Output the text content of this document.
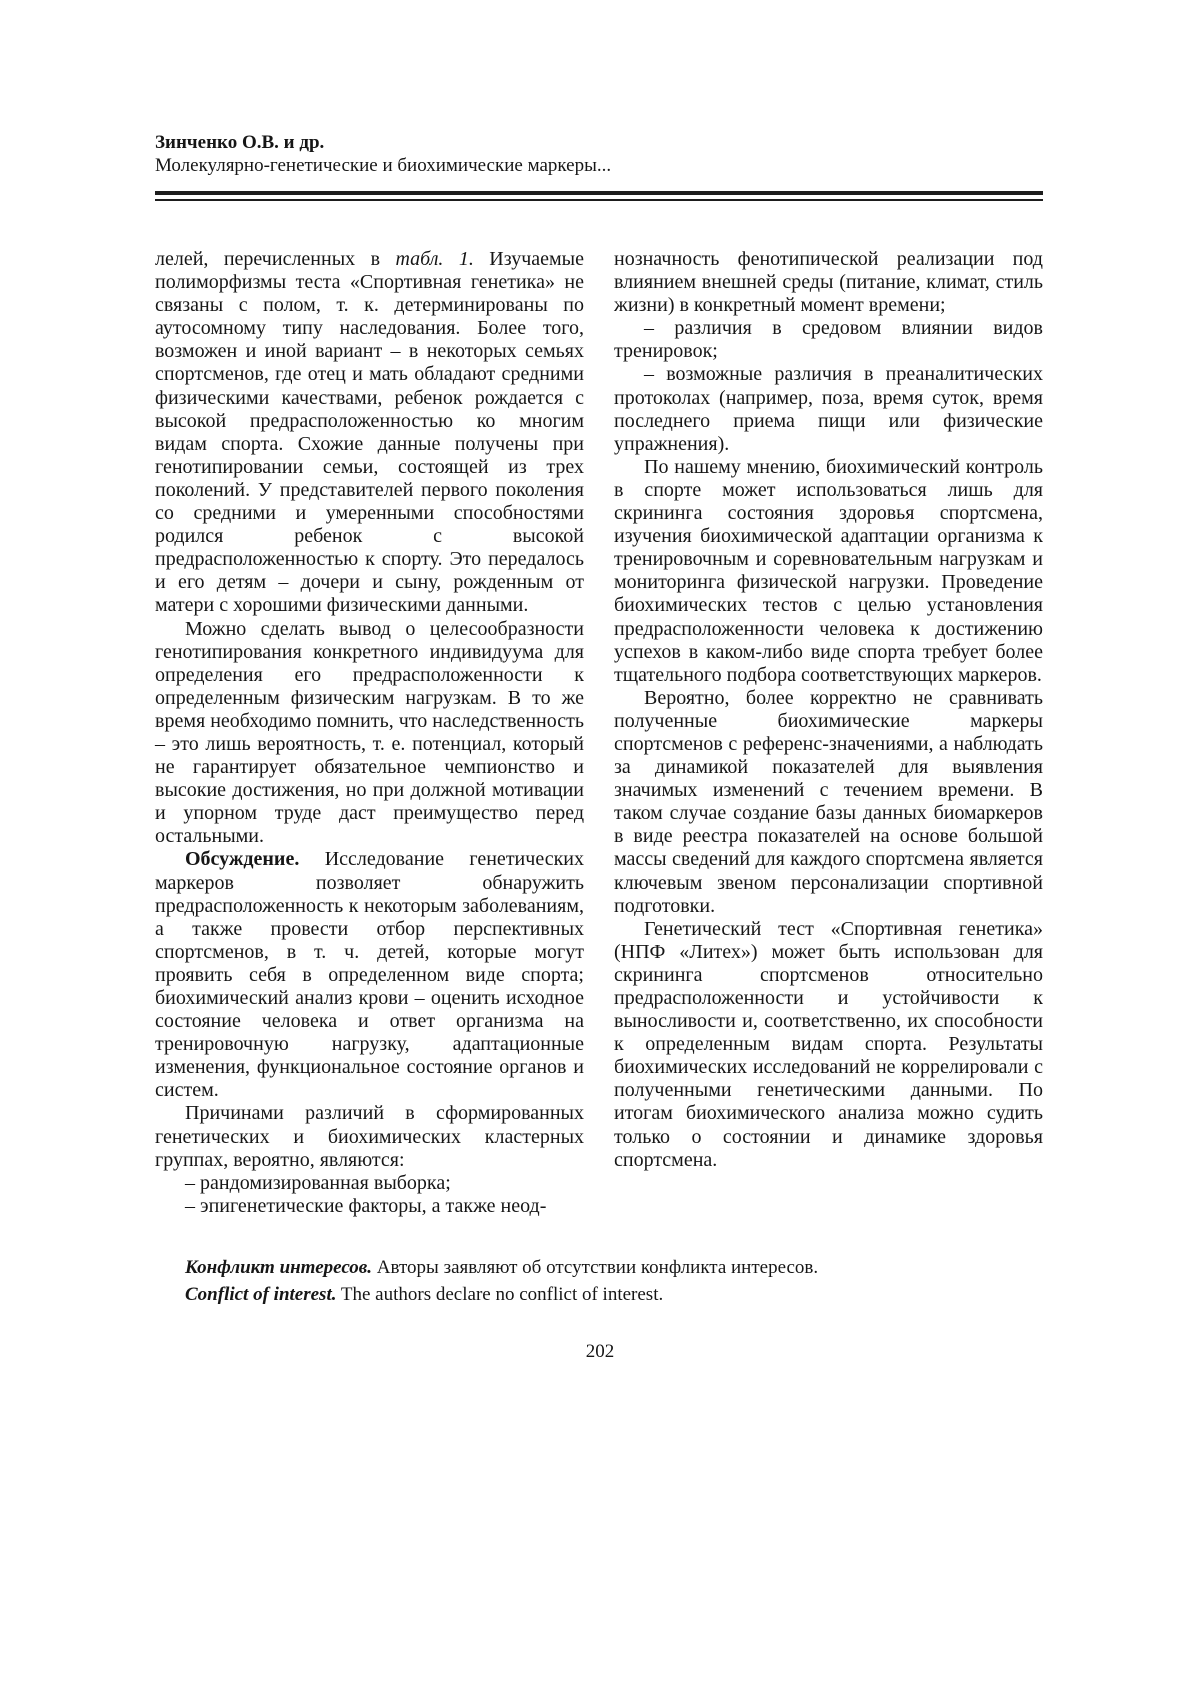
Зинченко О.В. и др.
Молекулярно-генетические и биохимические маркеры...

лелей, перечисленных в табл. 1. Изучаемые полиморфизмы теста «Спортивная генетика» не связаны с полом, т. к. детерминированы по аутосомному типу наследования. Более того, возможен и иной вариант – в некоторых семьях спортсменов, где отец и мать обладают средними физическими качествами, ребенок рождается с высокой предрасположенностью ко многим видам спорта. Схожие данные получены при генотипировании семьи, состоящей из трех поколений. У представителей первого поколения со средними и умеренными способностями родился ребенок с высокой предрасположенностью к спорту. Это передалось и его детям – дочери и сыну, рожденным от матери с хорошими физическими данными.

Можно сделать вывод о целесообразности генотипирования конкретного индивидуума для определения его предрасположенности к определенным физическим нагрузкам. В то же время необходимо помнить, что наследственность – это лишь вероятность, т. е. потенциал, который не гарантирует обязательное чемпионство и высокие достижения, но при должной мотивации и упорном труде даст преимущество перед остальными.

Обсуждение. Исследование генетических маркеров позволяет обнаружить предрасположенность к некоторым заболеваниям, а также провести отбор перспективных спортсменов, в т. ч. детей, которые могут проявить себя в определенном виде спорта; биохимический анализ крови – оценить исходное состояние человека и ответ организма на тренировочную нагрузку, адаптационные изменения, функциональное состояние органов и систем.

Причинами различий в сформированных генетических и биохимических кластерных группах, вероятно, являются:

– рандомизированная выборка;

– эпигенетические факторы, а также неод-

нозначность фенотипической реализации под влиянием внешней среды (питание, климат, стиль жизни) в конкретный момент времени;

– различия в средовом влиянии видов тренировок;

– возможные различия в преаналитических протоколах (например, поза, время суток, время последнего приема пищи или физические упражнения).

По нашему мнению, биохимический контроль в спорте может использоваться лишь для скрининга состояния здоровья спортсмена, изучения биохимической адаптации организма к тренировочным и соревновательным нагрузкам и мониторинга физической нагрузки. Проведение биохимических тестов с целью установления предрасположенности человека к достижению успехов в каком-либо виде спорта требует более тщательного подбора соответствующих маркеров.

Вероятно, более корректно не сравнивать полученные биохимические маркеры спортсменов с референс-значениями, а наблюдать за динамикой показателей для выявления значимых изменений с течением времени. В таком случае создание базы данных биомаркеров в виде реестра показателей на основе большой массы сведений для каждого спортсмена является ключевым звеном персонализации спортивной подготовки.

Генетический тест «Спортивная генетика» (НПФ «Литех») может быть использован для скрининга спортсменов относительно предрасположенности и устойчивости к выносливости и, соответственно, их способности к определенным видам спорта. Результаты биохимических исследований не коррелировали с полученными генетическими данными. По итогам биохимического анализа можно судить только о состоянии и динамике здоровья спортсмена.

Конфликт интересов. Авторы заявляют об отсутствии конфликта интересов.

Conflict of interest. The authors declare no conflict of interest.

202
